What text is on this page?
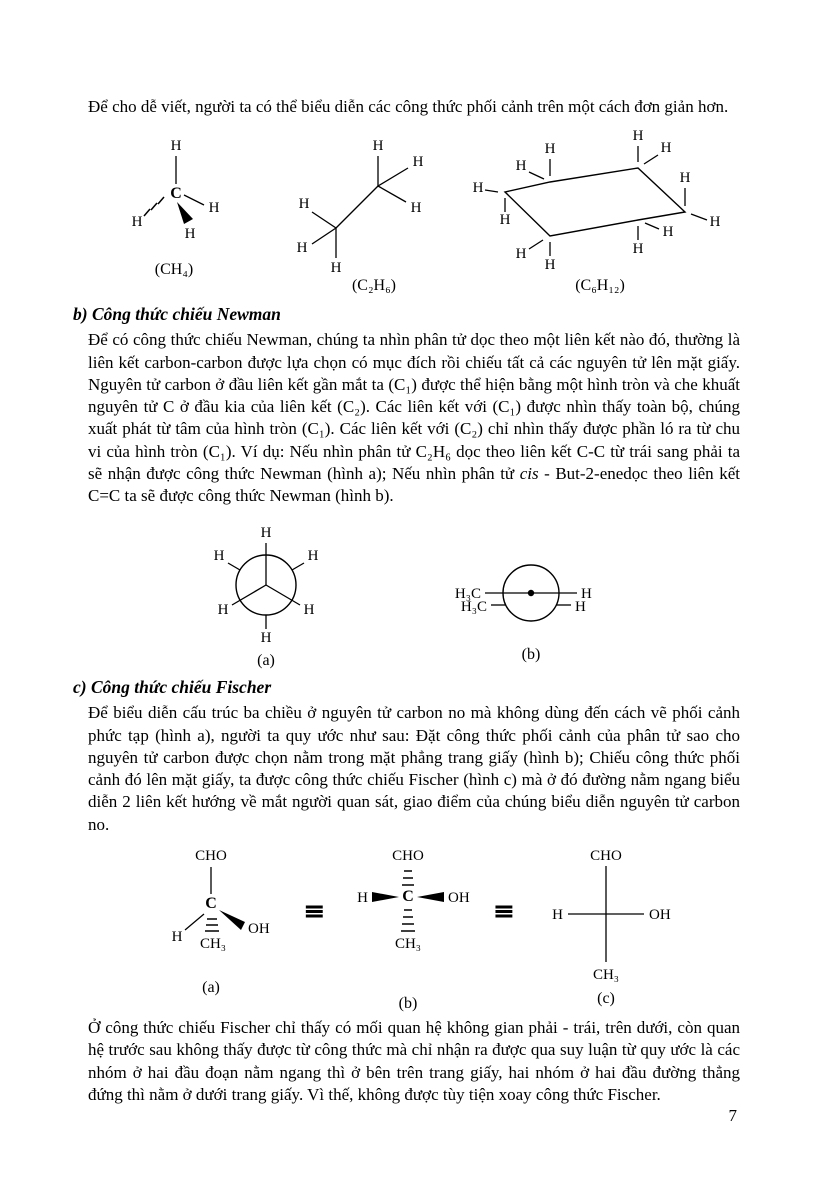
Để cho dễ viết, người ta có thể biểu diễn các công thức phối cảnh trên một cách đơn giản hơn.

H
C
H
H
H
(CH₄)
H
H
H
H
H
H
(C₂H₆)
H
H
H
H
H
H
H
H
H
H	H
H
(C₆H₁₂)
b) Công thức chiếu Newman

Để có công thức chiếu Newman, chúng ta nhìn phân tử dọc theo một liên kết nào đó, thường là liên kết carbon-carbon được lựa chọn có mục đích rồi chiếu tất cả các nguyên tử lên mặt giấy. Nguyên tử carbon ở đầu liên kết gần mắt ta (C₁) được thể hiện bằng một hình tròn và che khuất nguyên tử C ở đầu kia của liên kết (C₂). Các liên kết với (C₁) được nhìn thấy toàn bộ, chúng xuất phát từ tâm của hình tròn (C₁). Các liên kết với (C₂) chỉ nhìn thấy được phần ló ra từ chu vi của hình tròn (C₁). Ví dụ: Nếu nhìn phân tử C₂H₆ dọc theo liên kết C-C từ trái sang phải ta sẽ nhận được công thức Newman (hình a); Nếu nhìn phân tử cis - But-2-enedọc theo liên kết C=C ta sẽ được công thức Newman (hình b).

H
H	H
H	H
H
(a)
H₃C
H₃C
H
H
(b)
c) Công thức chiếu Fischer

Để biểu diễn cấu trúc ba chiều ở nguyên tử carbon no mà không dùng đến cách vẽ phối cảnh phức tạp (hình a), người ta quy ước như sau: Đặt công thức phối cảnh của phân tử sao cho nguyên tử carbon được chọn nằm trong mặt phẳng trang giấy (hình b); Chiếu công thức phối cảnh đó lên mặt giấy, ta được công thức chiếu Fischer (hình c) mà ở đó đường nằm ngang biểu diễn 2 liên kết hướng về mắt người quan sát, giao điểm của chúng biểu diễn nguyên tử carbon no.

CHO
C
H	OH
CH₃
(a)
≡
CHO
C
H	OH
CH₃
(b)
≡
CHO
H	OH
CH₃
(c)

Ở công thức chiếu Fischer chỉ thấy có mối quan hệ không gian phải - trái, trên dưới, còn quan hệ trước sau không thấy được từ công thức mà chỉ nhận ra được qua suy luận từ quy ước là các nhóm ở hai đầu đoạn nằm ngang thì ở bên trên trang giấy, hai nhóm ở hai đầu đường thẳng đứng thì nằm ở dưới trang giấy. Vì thế, không được tùy tiện xoay công thức Fischer.

7
